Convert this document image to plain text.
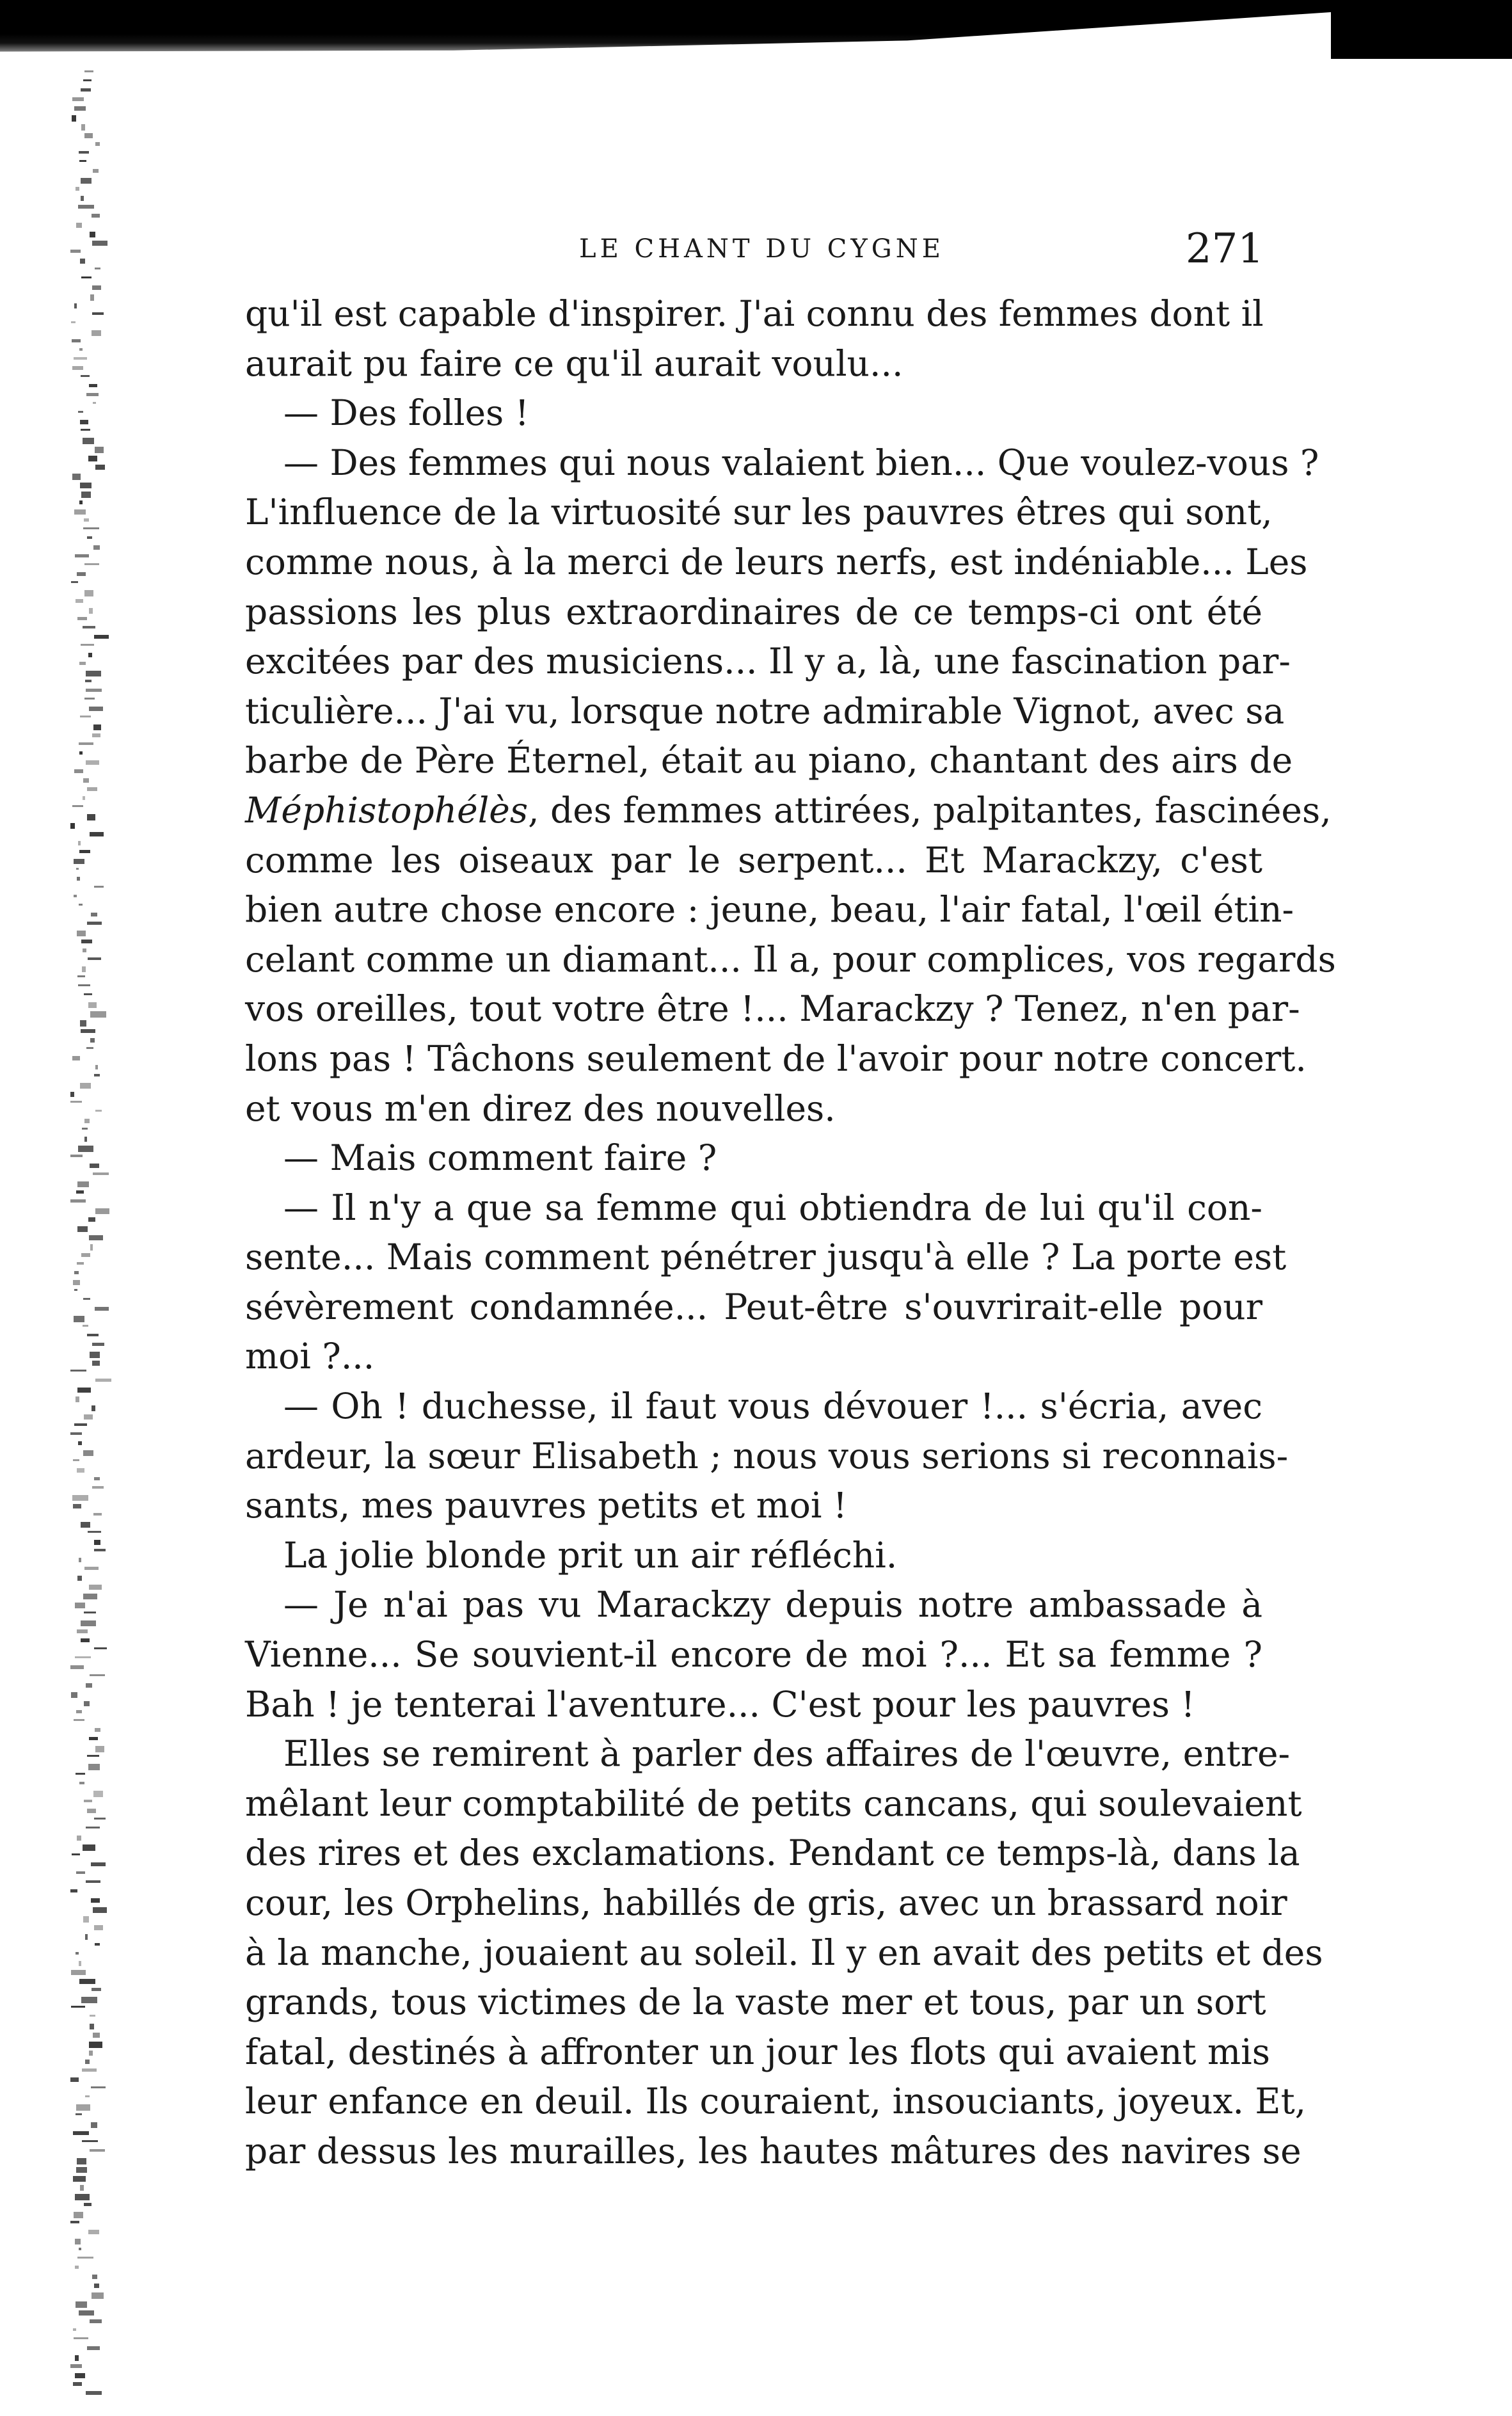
LE CHANT DU CYGNE	271
qu'il est capable d'inspirer. J'ai connu des femmes dont il
aurait pu faire ce qu'il aurait voulu...
— Des folles !
— Des femmes qui nous valaient bien... Que voulez-vous ?
L'influence de la virtuosité sur les pauvres êtres qui sont,
comme nous, à la merci de leurs nerfs, est indéniable... Les
passions les plus extraordinaires de ce temps-ci ont été
excitées par des musiciens... Il y a, là, une fascination par-
ticulière... J'ai vu, lorsque notre admirable Vignot, avec sa
barbe de Père Éternel, était au piano, chantant des airs de
Méphistophélès, des femmes attirées, palpitantes, fascinées,
comme les oiseaux par le serpent... Et Marackzy, c'est
bien autre chose encore : jeune, beau, l'air fatal, l'œil étin-
celant comme un diamant... Il a, pour complices, vos regards
vos oreilles, tout votre être !... Marackzy ? Tenez, n'en par-
lons pas ! Tâchons seulement de l'avoir pour notre concert.
et vous m'en direz des nouvelles.
— Mais comment faire ?
— Il n'y a que sa femme qui obtiendra de lui qu'il con-
sente... Mais comment pénétrer jusqu'à elle ? La porte est
sévèrement condamnée... Peut-être s'ouvrirait-elle pour
moi ?...
— Oh ! duchesse, il faut vous dévouer !... s'écria, avec
ardeur, la sœur Elisabeth ; nous vous serions si reconnais-
sants, mes pauvres petits et moi !
La jolie blonde prit un air réfléchi.
— Je n'ai pas vu Marackzy depuis notre ambassade à
Vienne... Se souvient-il encore de moi ?... Et sa femme ?
Bah ! je tenterai l'aventure... C'est pour les pauvres !
Elles se remirent à parler des affaires de l'œuvre, entre-
mêlant leur comptabilité de petits cancans, qui soulevaient
des rires et des exclamations. Pendant ce temps-là, dans la
cour, les Orphelins, habillés de gris, avec un brassard noir
à la manche, jouaient au soleil. Il y en avait des petits et des
grands, tous victimes de la vaste mer et tous, par un sort
fatal, destinés à affronter un jour les flots qui avaient mis
leur enfance en deuil. Ils couraient, insouciants, joyeux. Et,
par dessus les murailles, les hautes mâtures des navires se
